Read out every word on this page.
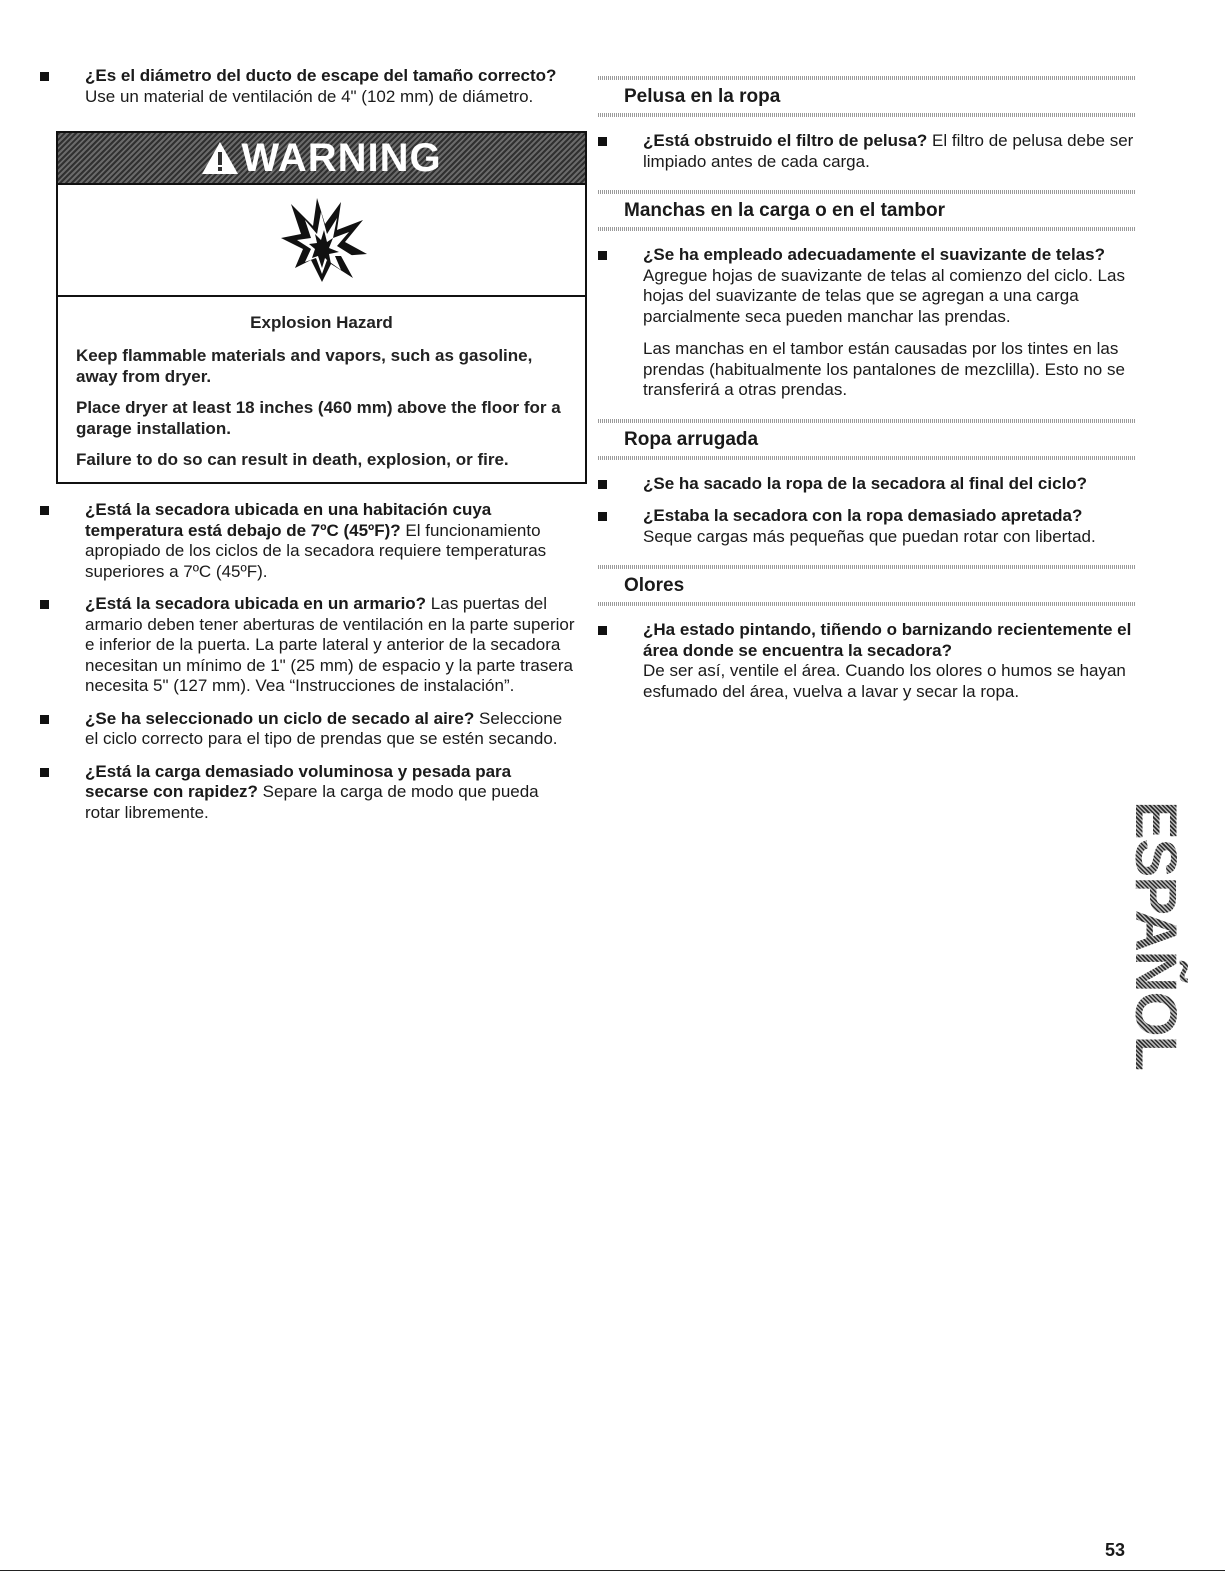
¿Es el diámetro del ducto de escape del tamaño correcto? Use un material de ventilación de 4" (102 mm) de diámetro.

WARNING

Explosion Hazard

Keep flammable materials and vapors, such as gasoline, away from dryer.

Place dryer at least 18 inches (460 mm) above the floor for a garage installation.

Failure to do so can result in death, explosion, or fire.

¿Está la secadora ubicada en una habitación cuya temperatura está debajo de 7ºC (45ºF)? El funcionamiento apropiado de los ciclos de la secadora requiere temperaturas superiores a 7ºC (45ºF).

¿Está la secadora ubicada en un armario? Las puertas del armario deben tener aberturas de ventilación en la parte superior e inferior de la puerta. La parte lateral y anterior de la secadora necesitan un mínimo de 1" (25 mm) de espacio y la parte trasera necesita 5" (127 mm). Vea “Instrucciones de instalación”.

¿Se ha seleccionado un ciclo de secado al aire? Seleccione el ciclo correcto para el tipo de prendas que se estén secando.

¿Está la carga demasiado voluminosa y pesada para secarse con rapidez? Separe la carga de modo que pueda rotar libremente.

Pelusa en la ropa

¿Está obstruido el filtro de pelusa? El filtro de pelusa debe ser limpiado antes de cada carga.

Manchas en la carga o en el tambor

¿Se ha empleado adecuadamente el suavizante de telas?
Agregue hojas de suavizante de telas al comienzo del ciclo. Las hojas del suavizante de telas que se agregan a una carga parcialmente seca pueden manchar las prendas.

Las manchas en el tambor están causadas por los tintes en las prendas (habitualmente los pantalones de mezclilla). Esto no se transferirá a otras prendas.

Ropa arrugada

¿Se ha sacado la ropa de la secadora al final del ciclo?

¿Estaba la secadora con la ropa demasiado apretada?
Seque cargas más pequeñas que puedan rotar con libertad.

Olores

¿Ha estado pintando, tiñendo o barnizando recientemente el área donde se encuentra la secadora?
De ser así, ventile el área. Cuando los olores o humos se hayan esfumado del área, vuelva a lavar y secar la ropa.

ESPAÑOL
53
